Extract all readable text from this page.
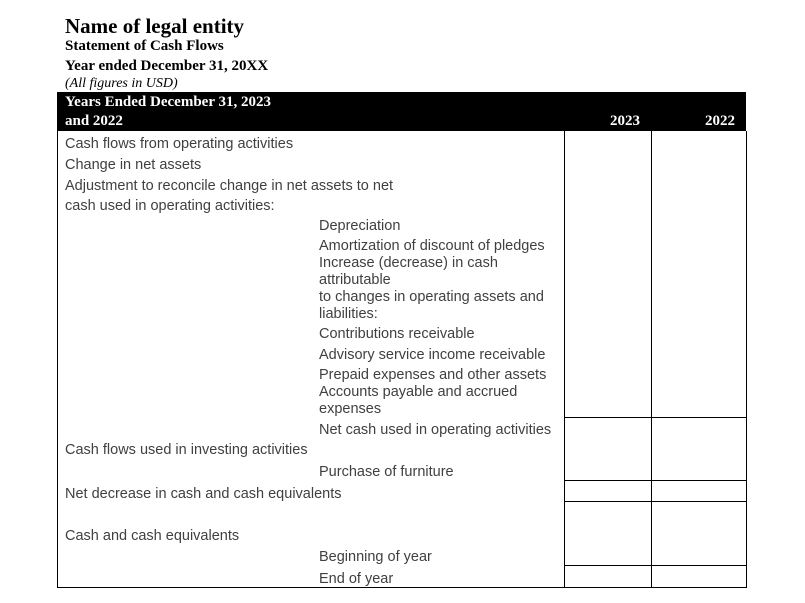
Name of legal entity
Statement of Cash Flows
Year ended December 31, 20XX
(All figures in USD)
Years Ended December 31, 2023
and 2022	2023	2022
Cash flows from operating activities
Change in net assets
Adjustment to reconcile change in net assets to net
cash used in operating activities:
Depreciation
Amortization of discount of pledges
Increase (decrease) in cash
attributable
to changes in operating assets and
liabilities:
Contributions receivable
Advisory service income receivable
Prepaid expenses and other assets
Accounts payable and accrued
expenses
Net cash used in operating activities
Cash flows used in investing activities
Purchase of furniture
Net decrease in cash and cash equivalents
Cash and cash equivalents
Beginning of year
End of year
